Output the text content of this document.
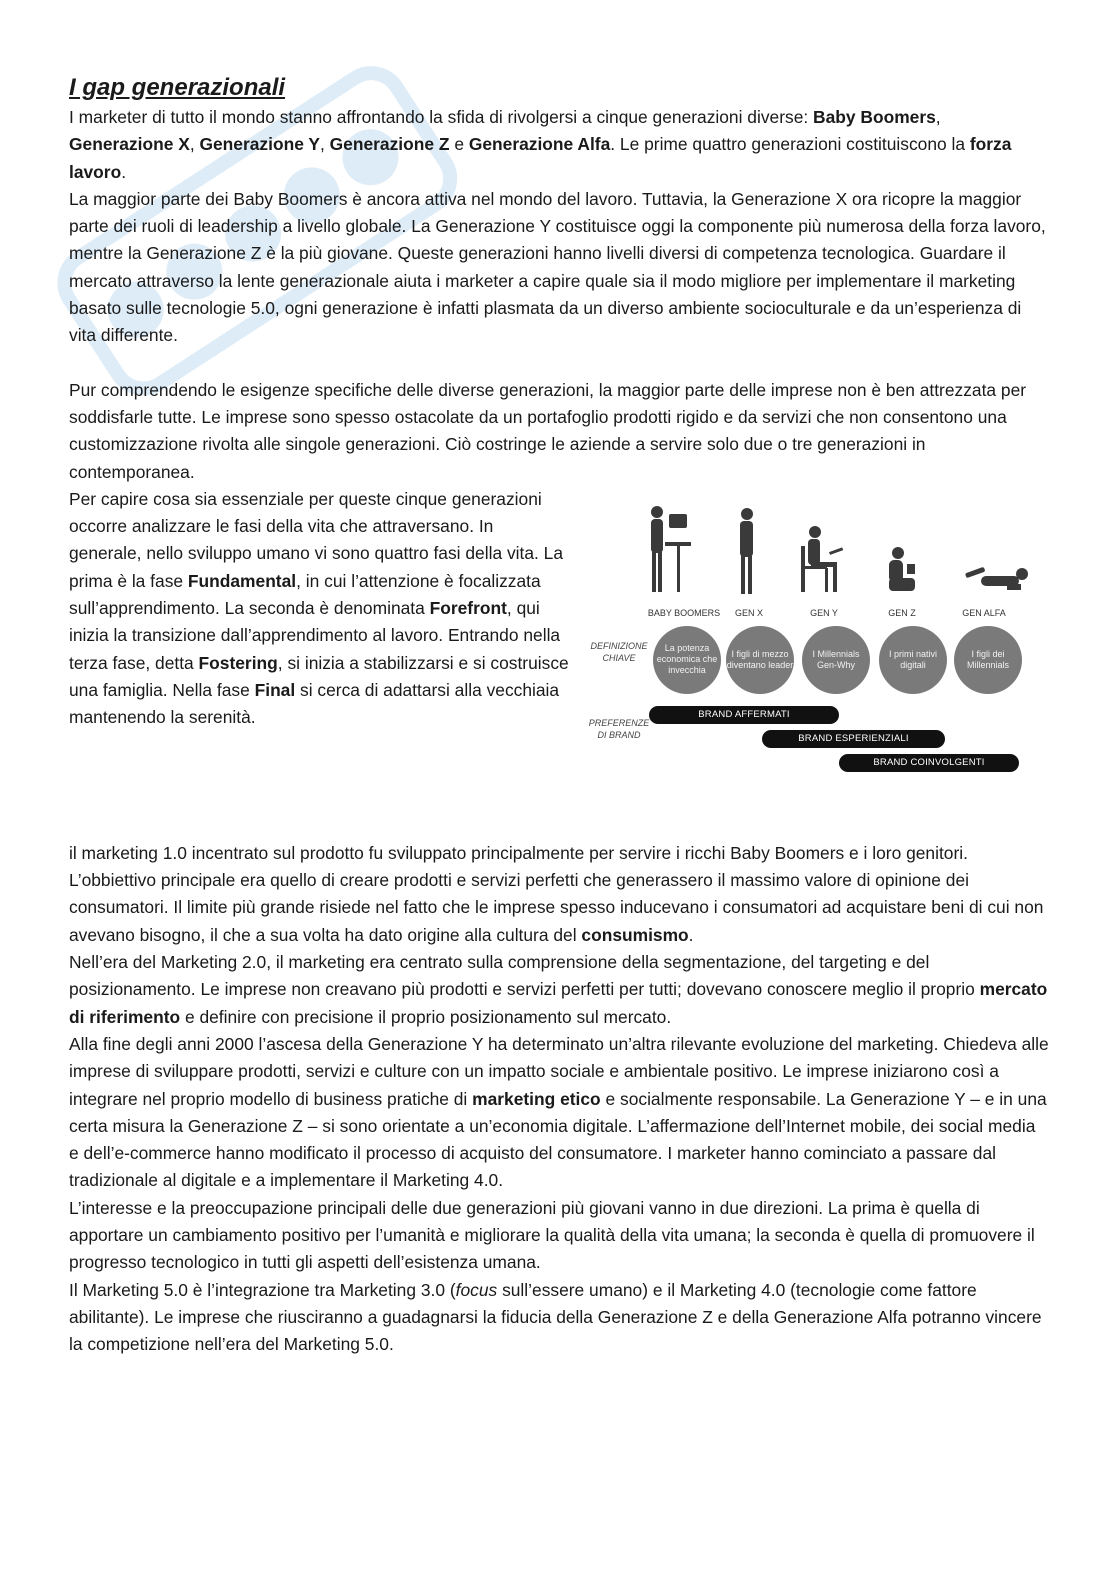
I gap generazionali

I marketer di tutto il mondo stanno affrontando la sfida di rivolgersi a cinque generazioni diverse: Baby Boomers, Generazione X, Generazione Y, Generazione Z e Generazione Alfa. Le prime quattro generazioni costituiscono la forza lavoro.

La maggior parte dei Baby Boomers è ancora attiva nel mondo del lavoro. Tuttavia, la Generazione X ora ricopre la maggior parte dei ruoli di leadership a livello globale. La Generazione Y costituisce oggi la componente più numerosa della forza lavoro, mentre la Generazione Z è la più giovane. Queste generazioni hanno livelli diversi di competenza tecnologica. Guardare il mercato attraverso la lente generazionale aiuta i marketer a capire quale sia il modo migliore per implementare il marketing basato sulle tecnologie 5.0, ogni generazione è infatti plasmata da un diverso ambiente socioculturale e da un’esperienza di vita differente.

Pur comprendendo le esigenze specifiche delle diverse generazioni, la maggior parte delle imprese non è ben attrezzata per soddisfarle tutte. Le imprese sono spesso ostacolate da un portafoglio prodotti rigido e da servizi che non consentono una customizzazione rivolta alle singole generazioni. Ciò costringe le aziende a servire solo due o tre generazioni in contemporanea.

Per capire cosa sia essenziale per queste cinque generazioni occorre analizzare le fasi della vita che attraversano. In generale, nello sviluppo umano vi sono quattro fasi della vita. La prima è la fase Fundamental, in cui l’attenzione è focalizzata sull’apprendimento. La seconda è denominata Forefront, qui inizia la transizione dall’apprendimento al lavoro. Entrando nella terza fase, detta Fostering, si inizia a stabilizzarsi e si costruisce una famiglia. Nella fase Final si cerca di adattarsi alla vecchiaia mantenendo la serenità.

BABY BOOMERS	GEN X	GEN Y	GEN Z	GEN ALFA
DEFINIZIONE CHIAVE
PREFERENZE DI BRAND
La potenza economica che invecchia
I figli di mezzo diventano leader
I Millennials Gen-Why
I primi nativi digitali
I figli dei Millennials
BRAND AFFERMATI
BRAND ESPERIENZIALI
BRAND COINVOLGENTI

il marketing 1.0 incentrato sul prodotto fu sviluppato principalmente per servire i ricchi Baby Boomers e i loro genitori. L’obbiettivo principale era quello di creare prodotti e servizi perfetti che generassero il massimo valore di opinione dei consumatori. Il limite più grande risiede nel fatto che le imprese spesso inducevano i consumatori ad acquistare beni di cui non avevano bisogno, il che a sua volta ha dato origine alla cultura del consumismo.

Nell’era del Marketing 2.0, il marketing era centrato sulla comprensione della segmentazione, del targeting e del posizionamento. Le imprese non creavano più prodotti e servizi perfetti per tutti; dovevano conoscere meglio il proprio mercato di riferimento e definire con precisione il proprio posizionamento sul mercato.

Alla fine degli anni 2000 l’ascesa della Generazione Y ha determinato un’altra rilevante evoluzione del marketing. Chiedeva alle imprese di sviluppare prodotti, servizi e culture con un impatto sociale e ambientale positivo. Le imprese iniziarono così a integrare nel proprio modello di business pratiche di marketing etico e socialmente responsabile. La Generazione Y – e in una certa misura la Generazione Z – si sono orientate a un’economia digitale. L’affermazione dell’Internet mobile, dei social media e dell’e-commerce hanno modificato il processo di acquisto del consumatore. I marketer hanno cominciato a passare dal tradizionale al digitale e a implementare il Marketing 4.0.

L’interesse e la preoccupazione principali delle due generazioni più giovani vanno in due direzioni. La prima è quella di apportare un cambiamento positivo per l’umanità e migliorare la qualità della vita umana; la seconda è quella di promuovere il progresso tecnologico in tutti gli aspetti dell’esistenza umana.

Il Marketing 5.0 è l’integrazione tra Marketing 3.0 (focus sull’essere umano) e il Marketing 4.0 (tecnologie come fattore abilitante). Le imprese che riusciranno a guadagnarsi la fiducia della Generazione Z e della Generazione Alfa potranno vincere la competizione nell’era del Marketing 5.0.
